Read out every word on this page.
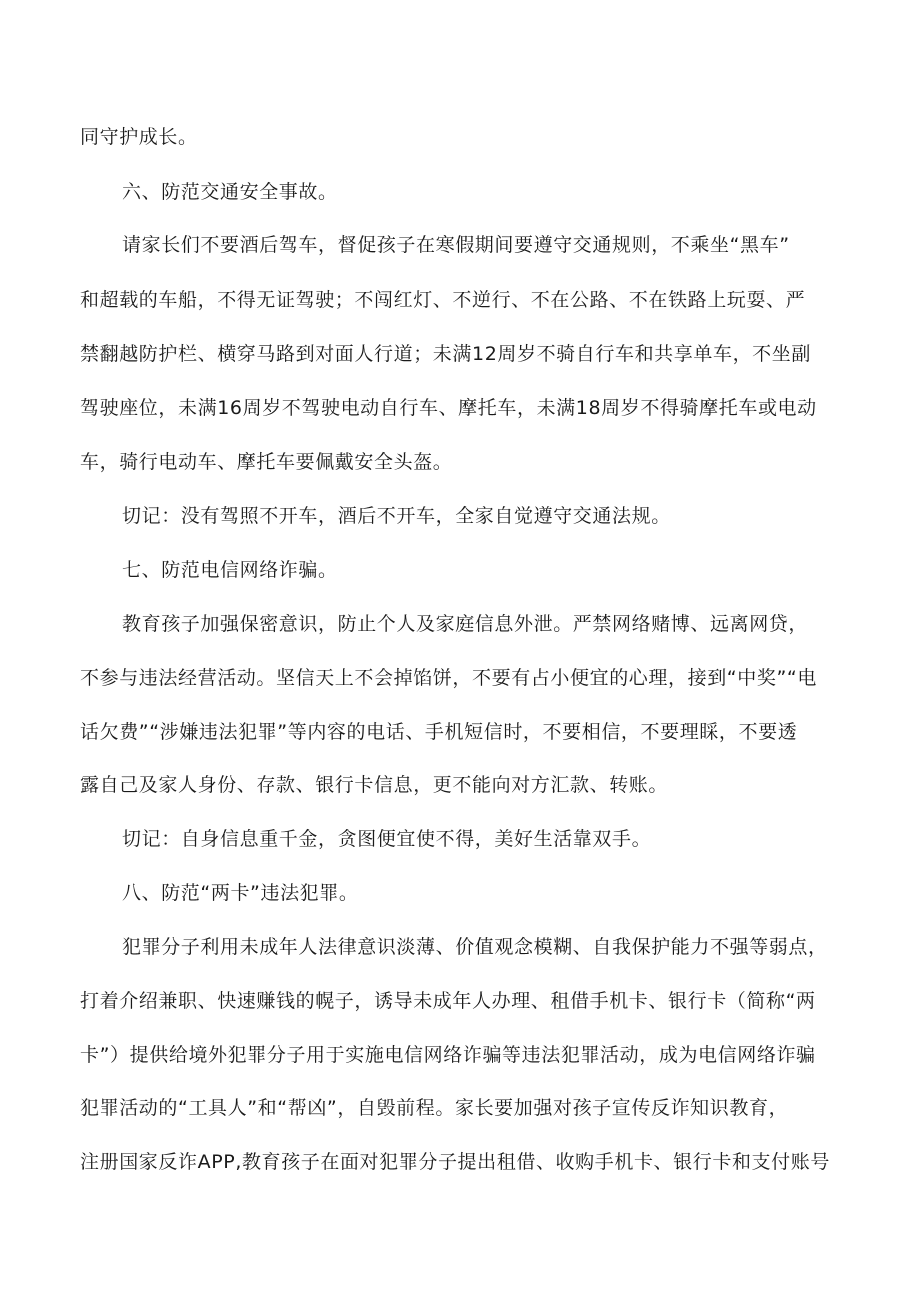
同守护成长。
六、防范交通安全事故。
请家长们不要酒后驾车，督促孩子在寒假期间要遵守交通规则，不乘坐“黑车”
和超载的车船，不得无证驾驶；不闯红灯、不逆行、不在公路、不在铁路上玩耍、严
禁翻越防护栏、横穿马路到对面人行道；未满12周岁不骑自行车和共享单车，不坐副
驾驶座位，未满16周岁不驾驶电动自行车、摩托车，未满18周岁不得骑摩托车或电动
车，骑行电动车、摩托车要佩戴安全头盔。
切记：没有驾照不开车，酒后不开车，全家自觉遵守交通法规。
七、防范电信网络诈骗。
教育孩子加强保密意识，防止个人及家庭信息外泄。严禁网络赌博、远离网贷，
不参与违法经营活动。坚信天上不会掉馅饼，不要有占小便宜的心理，接到“中奖”“电
话欠费”“涉嫌违法犯罪”等内容的电话、手机短信时，不要相信，不要理睬，不要透
露自己及家人身份、存款、银行卡信息，更不能向对方汇款、转账。
切记：自身信息重千金，贪图便宜使不得，美好生活靠双手。
八、防范“两卡”违法犯罪。
犯罪分子利用未成年人法律意识淡薄、价值观念模糊、自我保护能力不强等弱点，
打着介绍兼职、快速赚钱的幌子，诱导未成年人办理、租借手机卡、银行卡（简称“两
卡”）提供给境外犯罪分子用于实施电信网络诈骗等违法犯罪活动，成为电信网络诈骗
犯罪活动的“工具人”和“帮凶”，自毁前程。家长要加强对孩子宣传反诈知识教育，
注册国家反诈APP,教育孩子在面对犯罪分子提出租借、收购手机卡、银行卡和支付账号
